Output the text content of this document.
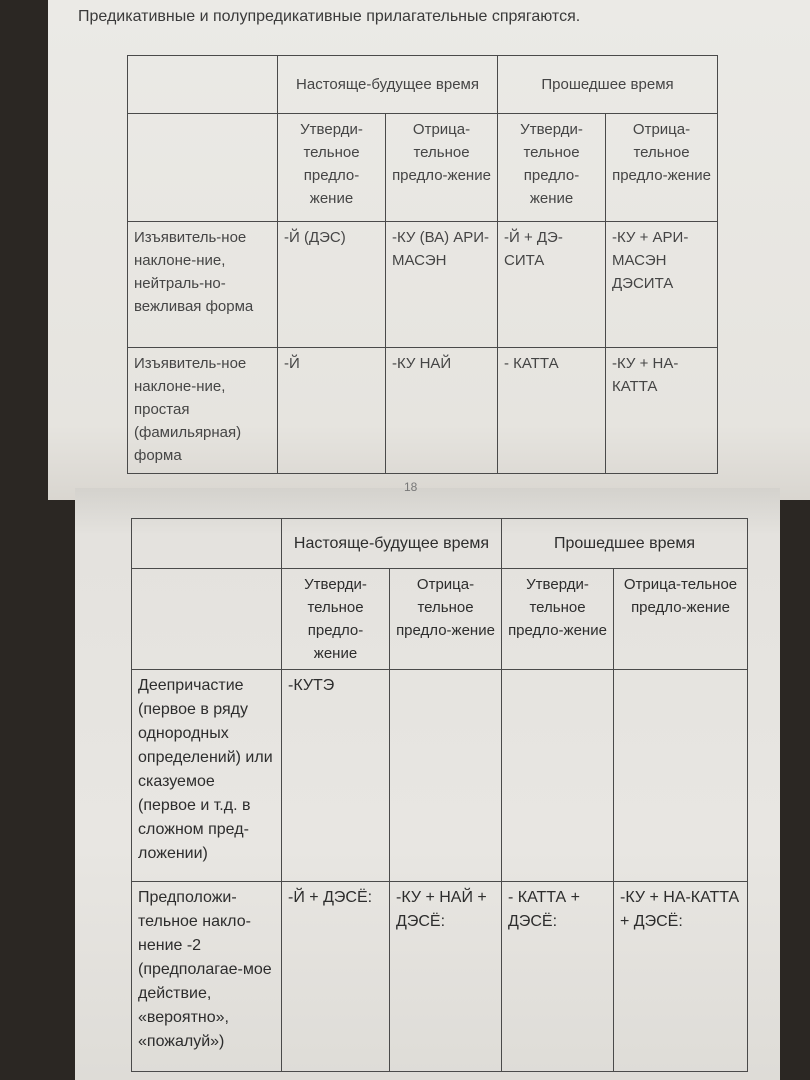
Предикативные и полупредикативные прилагательные спрягаются.
18
	Настояще-будущее время		Прошедшее время	
	Утверди-тельное предло-жение	Отрица-тельное предло-жение	Утверди-тельное предло-жение	Отрица-тельное предло-жение
Изъявитель-ное наклоне-ние, нейтраль-но-вежливая форма	-Й (ДЭС)	-КУ (ВА) АРИ-МАСЭН	-Й + ДЭ-СИТА	-КУ + АРИ-МАСЭН ДЭСИТА
Изъявитель-ное наклоне-ние, простая (фамильярная) форма	-Й	-КУ НАЙ	- КАТТА	-КУ + НА-КАТТА
	Настояще-будущее время		Прошедшее время	
	Утверди-тельное предло-жение	Отрица-тельное предло-жение	Утверди-тельное предло-жение	Отрица-тельное предло-жение
Деепричастие (первое в ряду однородных определений) или сказуемое (первое и т.д. в сложном пред-ложении)	-КУТЭ			
Предположи-тельное накло-нение -2 (предполагае-мое действие, «вероятно», «пожалуй»)	-Й + ДЭСЁ:	-КУ + НАЙ + ДЭСЁ:	- КАТТА + ДЭСЁ:	-КУ + НА-КАТТА + ДЭСЁ:
